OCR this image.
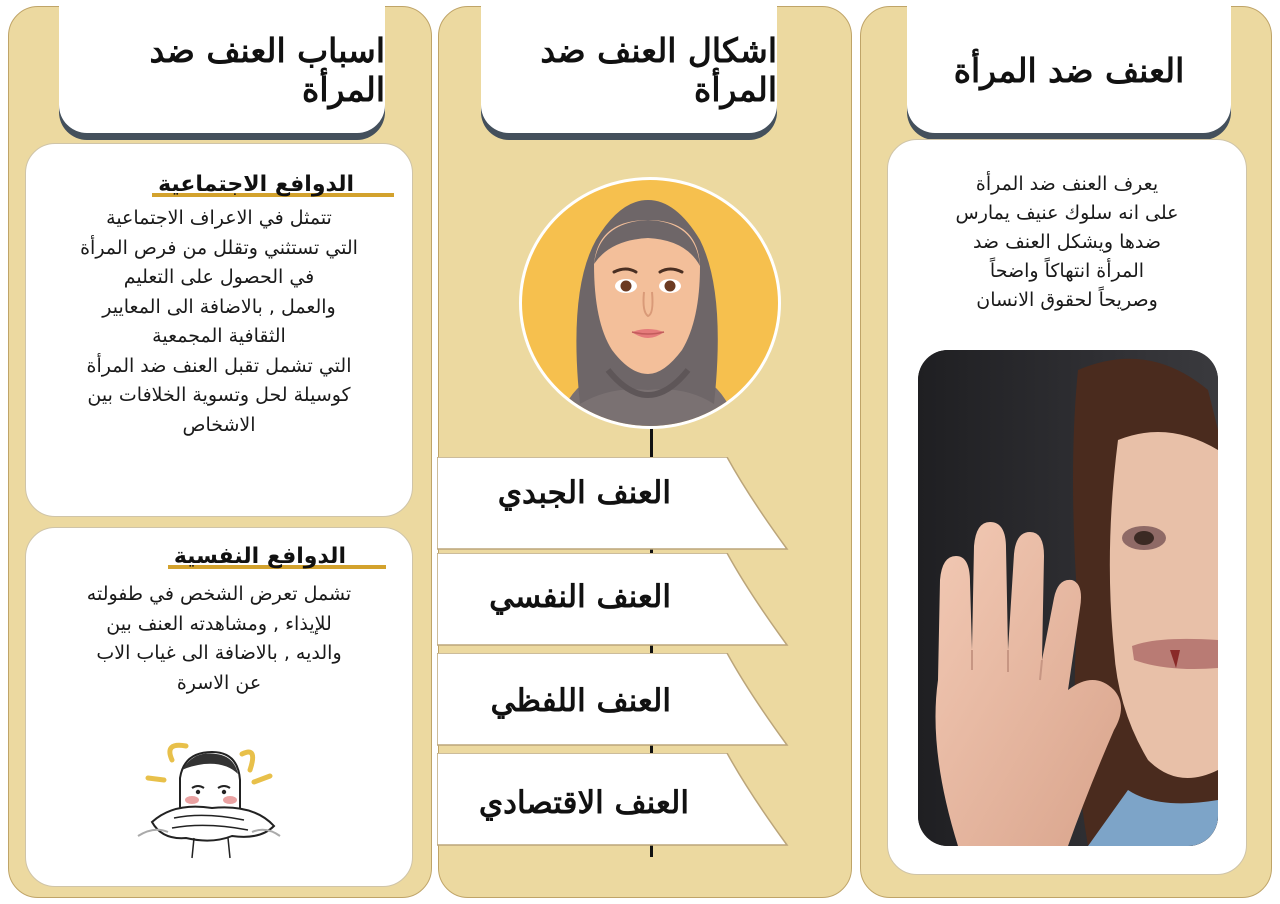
اسباب العنف ضد المرأة
الدوافع الاجتماعية
تتمثل في الاعراف الاجتماعية
التي تستثني وتقلل من فرص المرأة
في الحصول على التعليم
والعمل , بالاضافة الى المعايير
الثقافية المجمعية
التي تشمل تقبل العنف ضد المرأة
كوسيلة لحل وتسوية الخلافات بين
الاشخاص
الدوافع النفسية
تشمل تعرض الشخص في طفولته
للإيذاء , ومشاهدته العنف بين
والديه , بالاضافة الى غياب الاب
عن الاسرة
اشكال العنف ضد المرأة
العنف الجبدي
العنف النفسي
العنف اللفظي
العنف الاقتصادي
العنف ضد المرأة
يعرف العنف ضد المرأة
على انه سلوك عنيف يمارس
ضدها ويشكل العنف ضد
المرأة انتهاكاً واضحاً
وصريحاً لحقوق الانسان
